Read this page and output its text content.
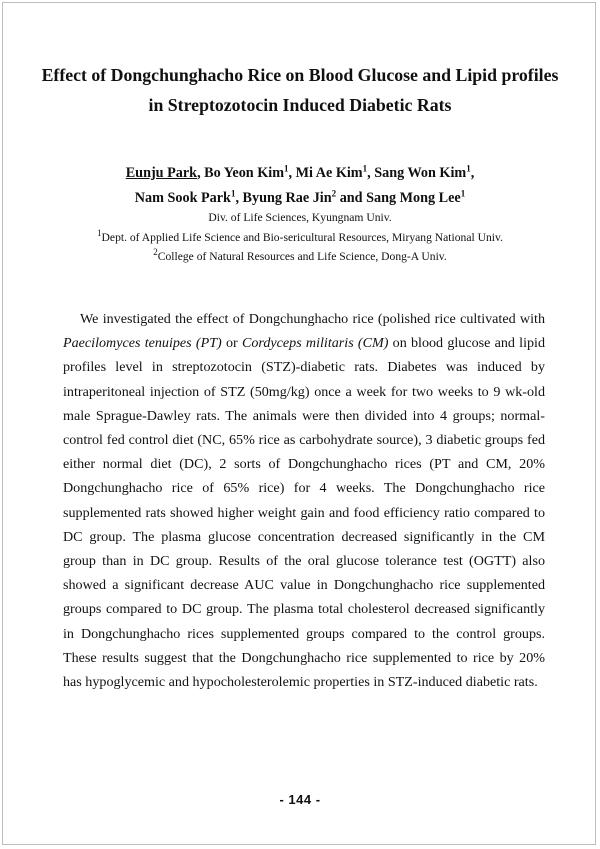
Effect of Dongchunghacho Rice on Blood Glucose and Lipid profiles in Streptozotocin Induced Diabetic Rats

Eunju Park, Bo Yeon Kim$^1$, Mi Ae Kim$^1$, Sang Won Kim$^1$,
Nam Sook Park$^1$, Byung Rae Jin$^2$ and Sang Mong Lee$^1$

Div. of Life Sciences, Kyungnam Univ.
$^1$Dept. of Applied Life Science and Bio-sericultural Resources, Miryang National Univ.
$^2$College of Natural Resources and Life Science, Dong-A Univ.

We investigated the effect of Dongchunghacho rice (polished rice cultivated with Paecilomyces tenuipes (PT) or Cordyceps militaris (CM) on blood glucose and lipid profiles level in streptozotocin (STZ)-diabetic rats. Diabetes was induced by intraperitoneal injection of STZ (50mg/kg) once a week for two weeks to 9 wk-old male Sprague-Dawley rats. The animals were then divided into 4 groups; normal-control fed control diet (NC, 65% rice as carbohydrate source), 3 diabetic groups fed either normal diet (DC), 2 sorts of Dongchunghacho rices (PT and CM, 20% Dongchunghacho rice of 65% rice) for 4 weeks. The Dongchunghacho rice supplemented rats showed higher weight gain and food efficiency ratio compared to DC group. The plasma glucose concentration decreased significantly in the CM group than in DC group. Results of the oral glucose tolerance test (OGTT) also showed a significant decrease AUC value in Dongchunghacho rice supplemented groups compared to DC group. The plasma total cholesterol decreased significantly in Dongchunghacho rices supplemented groups compared to the control groups. These results suggest that the Dongchunghacho rice supplemented to rice by 20% has hypoglycemic and hypocholesterolemic properties in STZ-induced diabetic rats.

- 144 -
